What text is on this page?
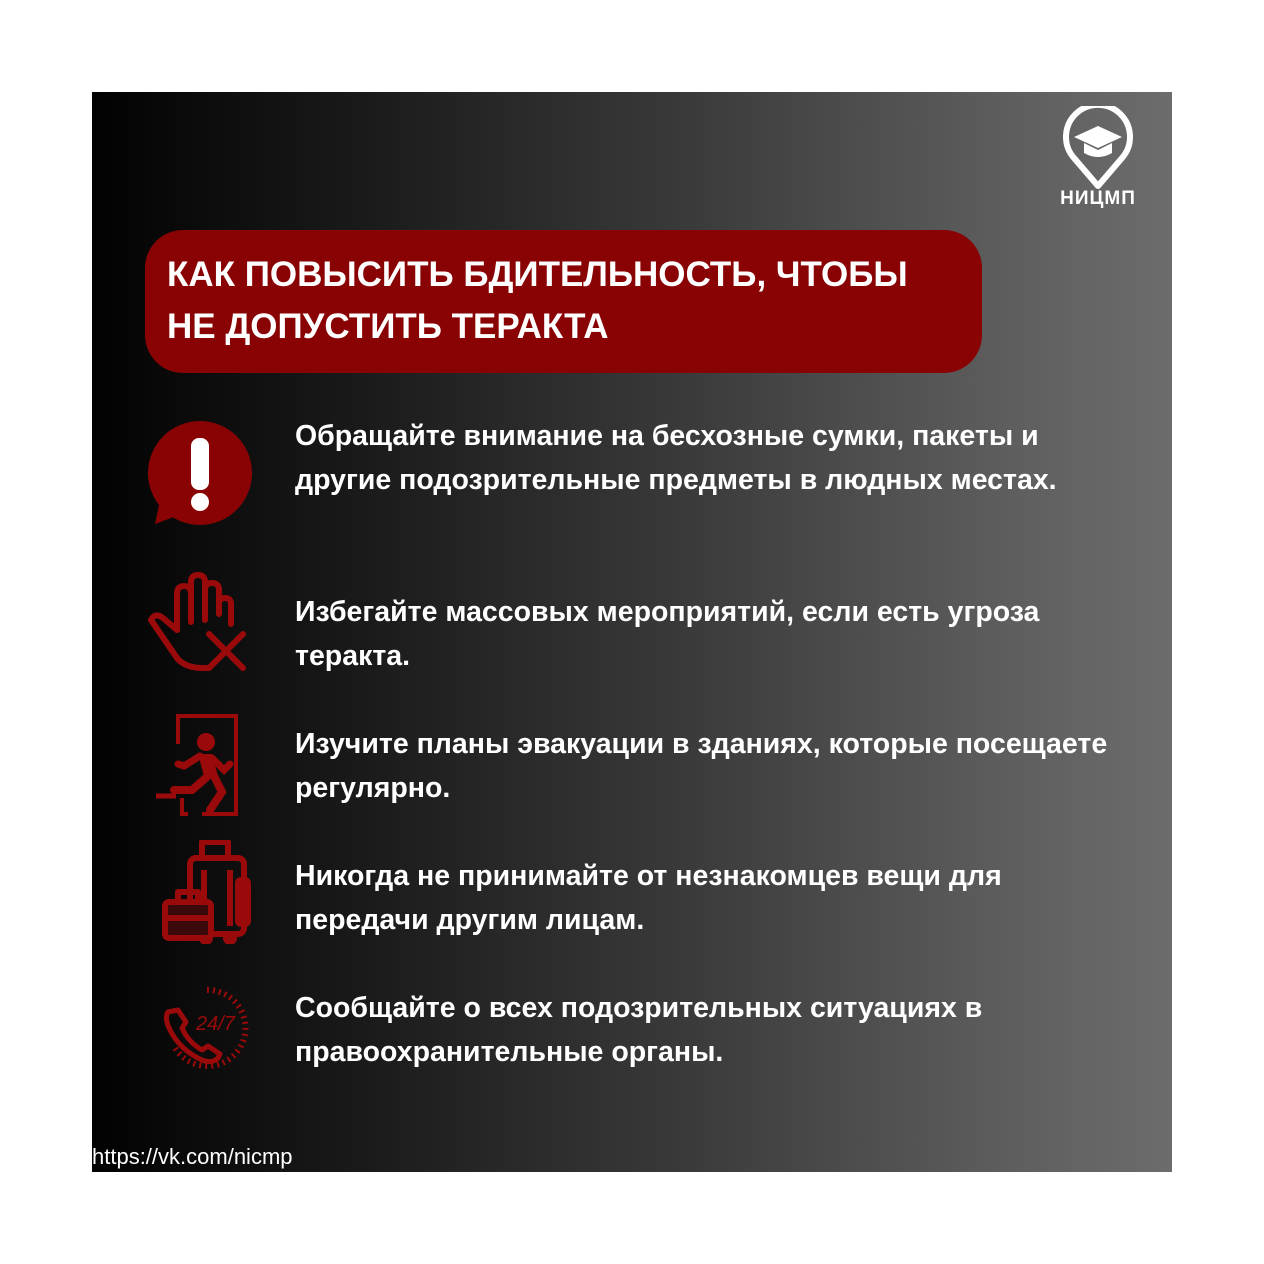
НИЦМП
КАК ПОВЫСИТЬ БДИТЕЛЬНОСТЬ, ЧТОБЫ
НЕ ДОПУСТИТЬ ТЕРАКТА
Обращайте внимание на бесхозные сумки, пакеты и другие подозрительные предметы в людных местах.
Избегайте массовых мероприятий, если есть угроза теракта.
Изучите планы эвакуации в зданиях, которые посещаете регулярно.
Никогда не принимайте от незнакомцев вещи для передачи другим лицам.
24/7 Сообщайте о всех подозрительных ситуациях в правоохранительные органы.
https://vk.com/nicmp
